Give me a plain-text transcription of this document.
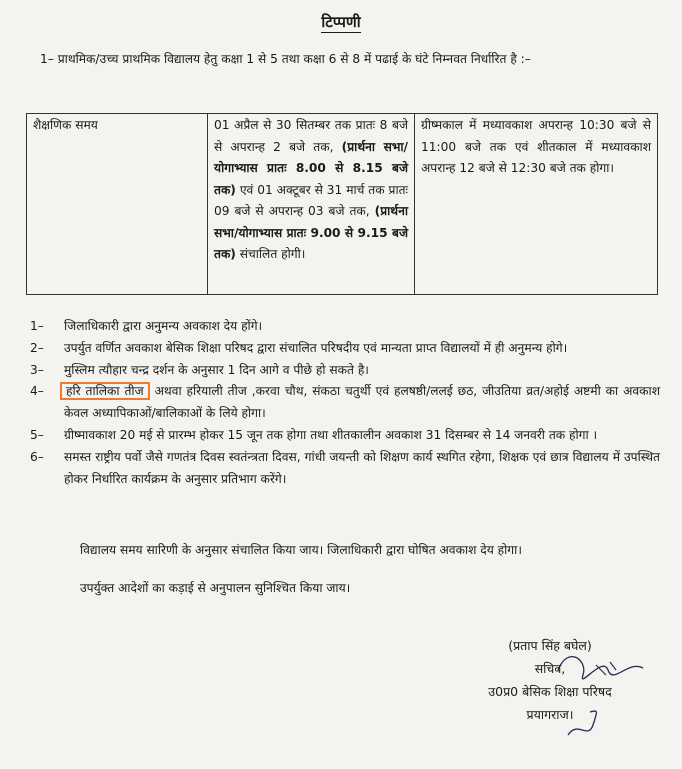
टिप्पणी
1– प्राथमिक/उच्च प्राथमिक विद्यालय हेतु कक्षा 1 से 5 तथा कक्षा 6 से 8 में पढाई के घंटे निम्नवत निर्धारित है :–
शैक्षणिक समय	01 अप्रैल से 30 सितम्बर तक प्रातः 8 बजे से अपरान्ह 2 बजे तक, (प्रार्थना सभा/योगाभ्यास प्रातः 8.00 से 8.15 बजे तक) एवं 01 अक्टूबर से 31 मार्च तक प्रातः 09 बजे से अपरान्ह 03 बजे तक, (प्रार्थना सभा/योगाभ्यास प्रातः 9.00 से 9.15 बजे तक) संचालित होगी।	ग्रीष्मकाल में मध्यावकाश अपरान्ह 10:30 बजे से 11:00 बजे तक एवं शीतकाल में मध्यावकाश अपरान्ह 12 बजे से 12:30 बजे तक होगा।
1–	जिलाधिकारी द्वारा अनुमन्य अवकाश देय होंगे।
2–	उपर्युत वर्णित अवकाश बेसिक शिक्षा परिषद द्वारा संचालित परिषदीय एवं मान्यता प्राप्त विद्यालयों में ही अनुमन्य होगे।
3–	मुस्लिम त्यौहार चन्द्र दर्शन के अनुसार 1 दिन आगे व पीछे हो सकते है।
4–	हरि तालिका तीज अथवा हरियाली तीज ,करवा चौथ, संकठा चतुर्थी एवं हलषष्ठी/ललई छठ, जीउतिया व्रत/अहोई अष्टमी का अवकाश केवल अध्यापिकाओं/बालिकाओं के लिये होगा।
5–	ग्रीष्मावकाश 20 मई से प्रारम्भ होकर 15 जून तक होगा तथा शीतकालीन अवकाश 31 दिसम्बर से 14 जनवरी तक होगा ।
6–	समस्त राष्ट्रीय पर्वो जैसे गणतंत्र दिवस स्वतंन्त्रता दिवस, गांधी जयन्ती को शिक्षण कार्य स्थगित रहेगा, शिक्षक एवं छात्र विद्यालय में उपस्थित होकर निर्धारित कार्यक्रम के अनुसार प्रतिभाग करेंगे।
विद्यालय समय सारिणी के अनुसार संचालित किया जाय। जिलाधिकारी द्वारा घोषित अवकाश देय होगा।
उपर्युक्त आदेशों का कड़ाई से अनुपालन सुनिश्चित किया जाय।
(प्रताप सिंह बघेल)
सचिव,
उ0प्र0 बेसिक शिक्षा परिषद
प्रयागराज।
